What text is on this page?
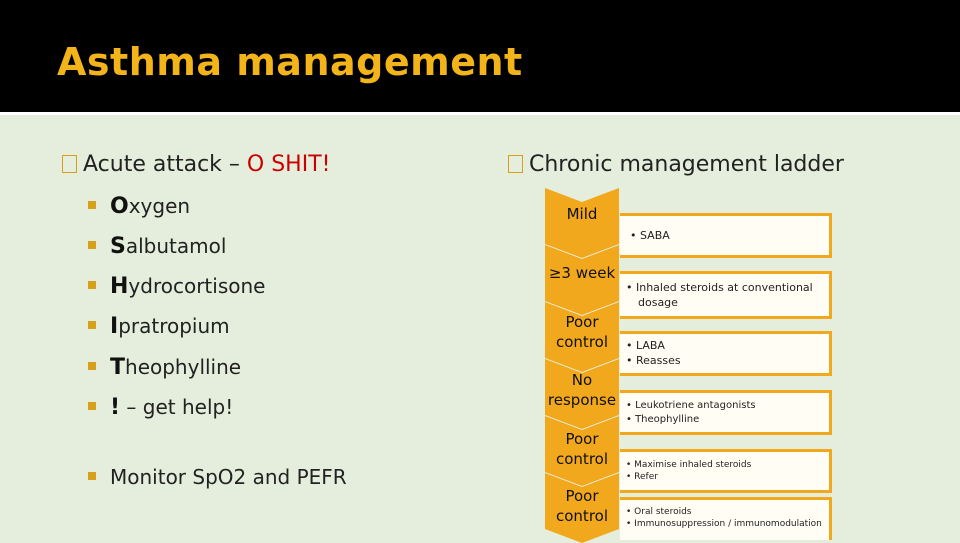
Asthma management
Acute attack – O SHIT!
Oxygen
Salbutamol
Hydrocortisone
Ipratropium
Theophylline
! – get help!
Monitor SpO2 and PEFR
Chronic management ladder
Mild
≥3 week
Poor control
No response
Poor control
Poor control
• SABA
• Inhaled steroids at conventional
dosage
• LABA
• Reasses
• Leukotriene antagonists
• Theophylline
• Maximise inhaled steroids
• Refer
• Oral steroids
• Immunosuppression / immunomodulation
